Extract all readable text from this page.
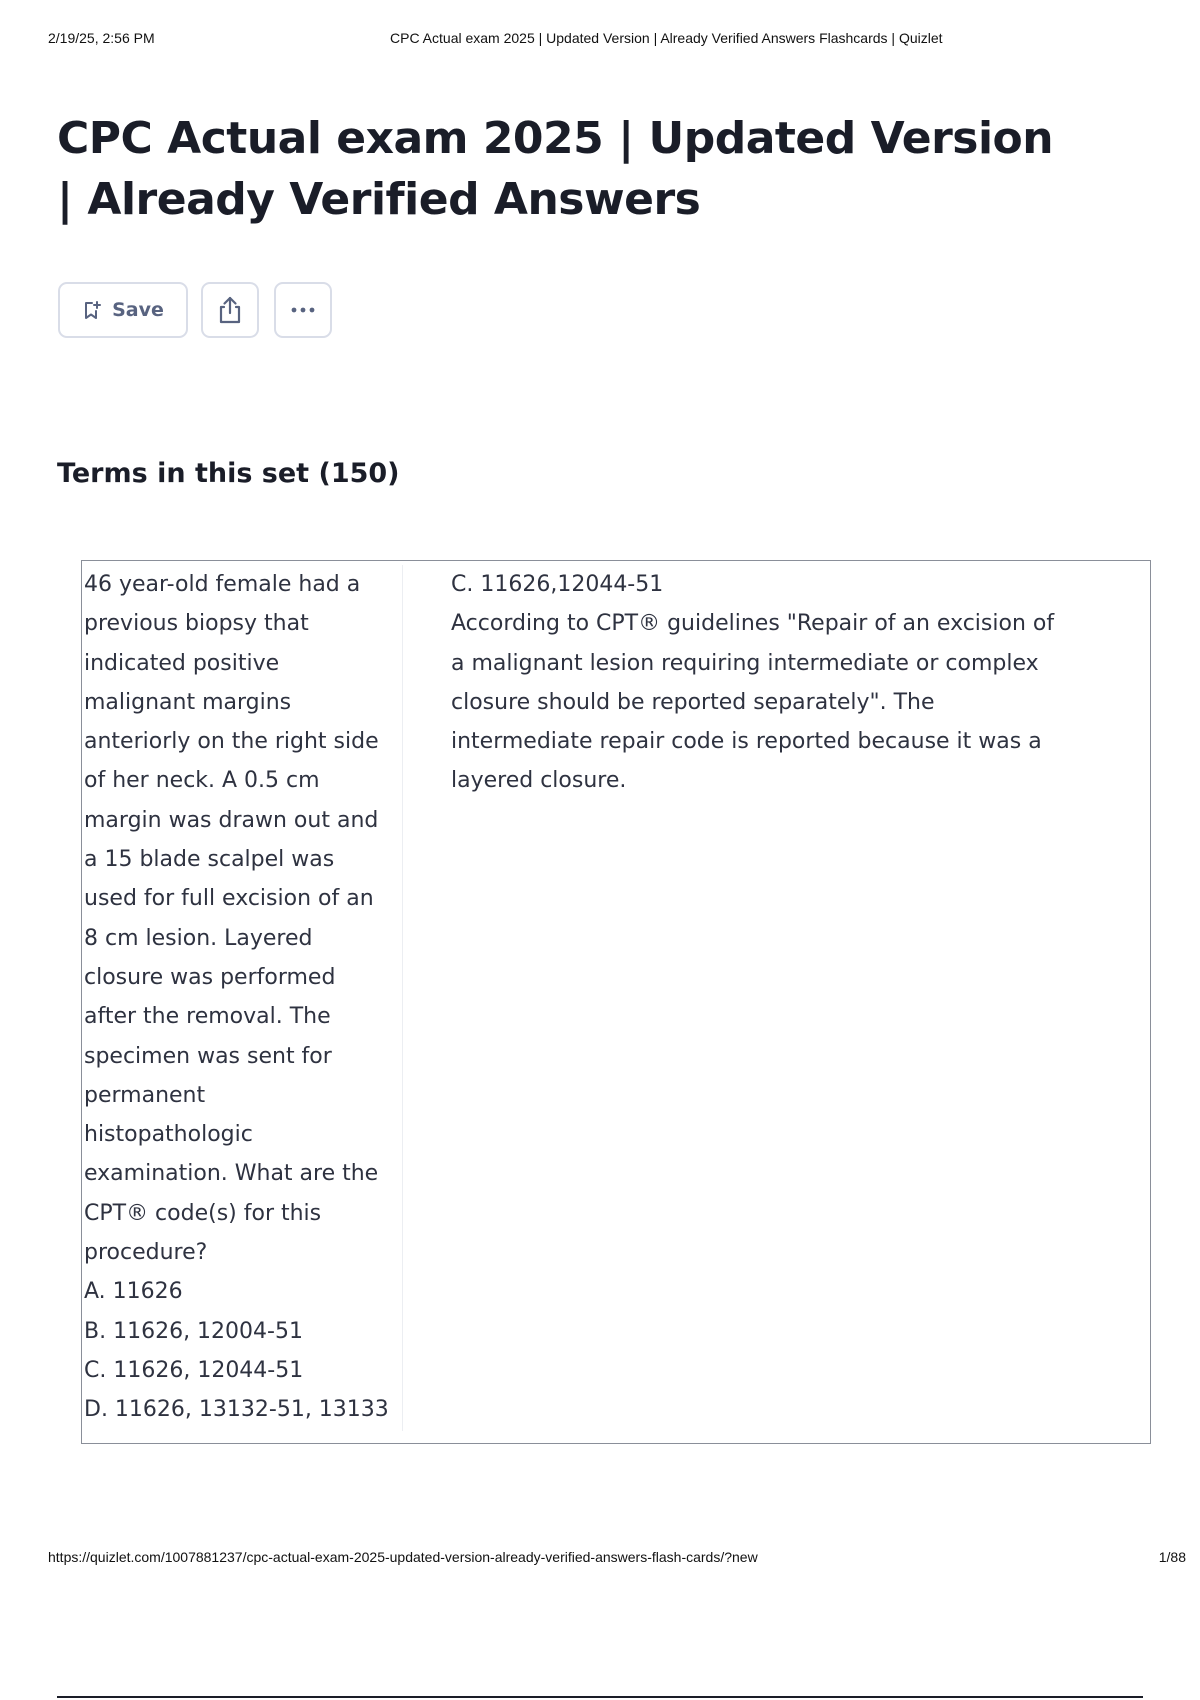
2/19/25, 2:56 PM	CPC Actual exam 2025 | Updated Version | Already Verified Answers Flashcards | Quizlet
CPC Actual exam 2025 | Updated Version | Already Verified Answers
Save
Terms in this set (150)
46 year-old female had a
previous biopsy that
indicated positive
malignant margins
anteriorly on the right side
of her neck. A 0.5 cm
margin was drawn out and
a 15 blade scalpel was
used for full excision of an
8 cm lesion. Layered
closure was performed
after the removal. The
specimen was sent for
permanent
histopathologic
examination. What are the
CPT® code(s) for this
procedure?
A. 11626
B. 11626, 12004-51
C. 11626, 12044-51
D. 11626, 13132-51, 13133
C. 11626,12044-51
According to CPT® guidelines "Repair of an excision of
a malignant lesion requiring intermediate or complex
closure should be reported separately". The
intermediate repair code is reported because it was a
layered closure.
https://quizlet.com/1007881237/cpc-actual-exam-2025-updated-version-already-verified-answers-flash-cards/?new	1/88
